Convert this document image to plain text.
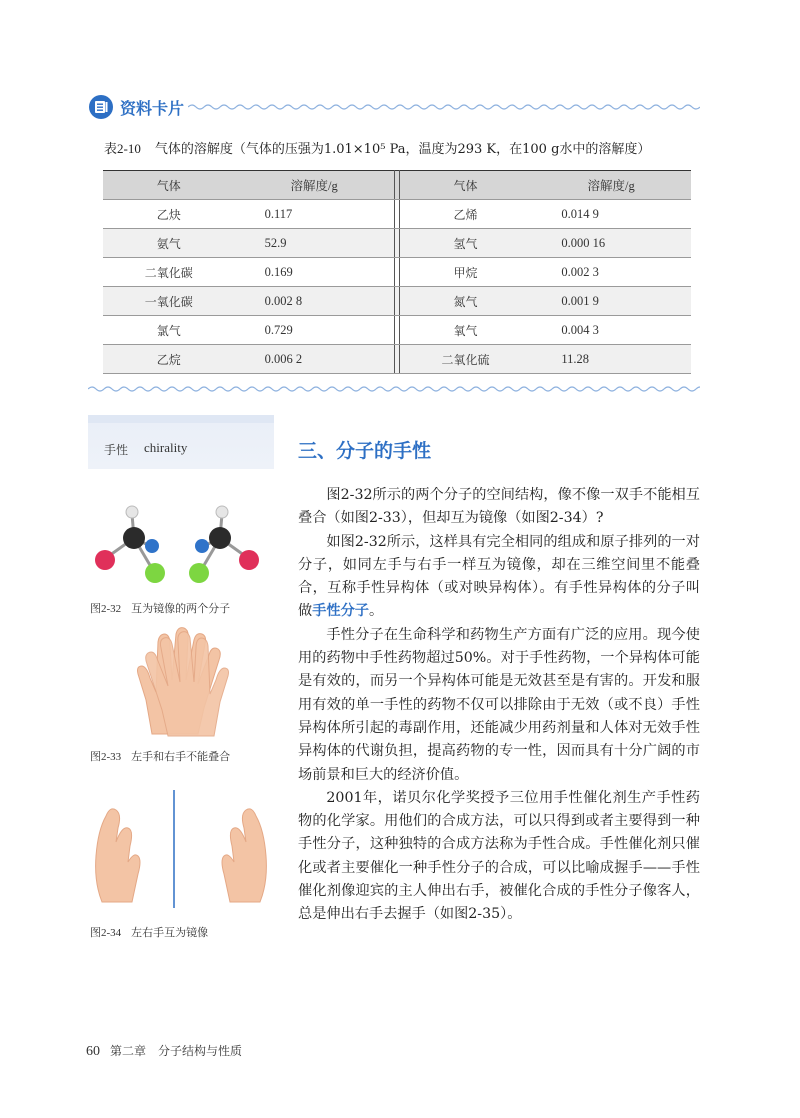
资料卡片
表2-10 气体的溶解度（气体的压强为1.01×10⁵ Pa，温度为293 K，在100 g水中的溶解度）
气体	溶解度/g		气体	溶解度/g
乙炔	0.117		乙烯	0.014 9
氨气	52.9		氢气	0.000 16
二氧化碳	0.169		甲烷	0.002 3
一氧化碳	0.002 8		氮气	0.001 9
氯气	0.729		氧气	0.004 3
乙烷	0.006 2		二氧化硫	11.28
手性 chirality
图2-32 互为镜像的两个分子
图2-33 左手和右手不能叠合
图2-34 左右手互为镜像
三、分子的手性

图2-32所示的两个分子的空间结构，像不像一双手不能相互叠合（如图2-33），但却互为镜像（如图2-34）?

如图2-32所示，这样具有完全相同的组成和原子排列的一对分子，如同左手与右手一样互为镜像，却在三维空间里不能叠合，互称手性异构体（或对映异构体）。有手性异构体的分子叫做手性分子。

手性分子在生命科学和药物生产方面有广泛的应用。现今使用的药物中手性药物超过50%。对于手性药物，一个异构体可能是有效的，而另一个异构体可能是无效甚至是有害的。开发和服用有效的单一手性的药物不仅可以排除由于无效（或不良）手性异构体所引起的毒副作用，还能减少用药剂量和人体对无效手性异构体的代谢负担，提高药物的专一性，因而具有十分广阔的市场前景和巨大的经济价值。

2001年，诺贝尔化学奖授予三位用手性催化剂生产手性药物的化学家。用他们的合成方法，可以只得到或者主要得到一种手性分子，这种独特的合成方法称为手性合成。手性催化剂只催化或者主要催化一种手性分子的合成，可以比喻成握手——手性催化剂像迎宾的主人伸出右手，被催化合成的手性分子像客人，总是伸出右手去握手（如图2-35）。

60 第二章 分子结构与性质
